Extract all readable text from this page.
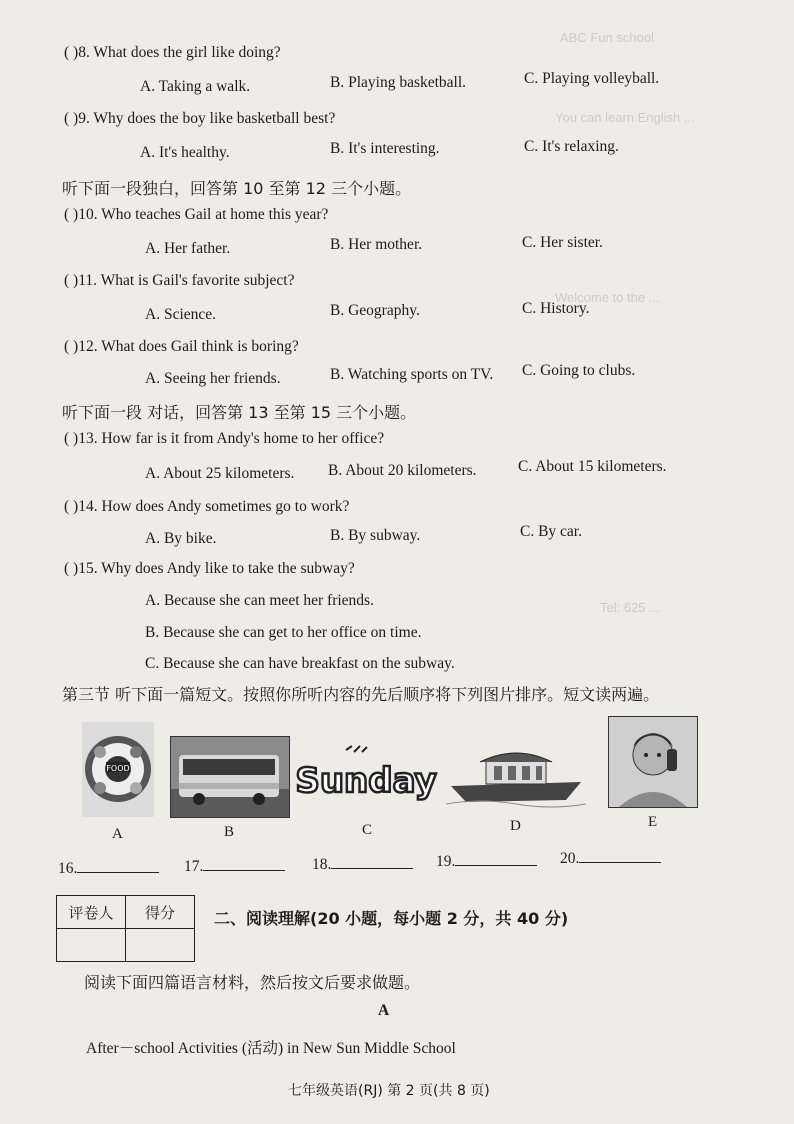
ABC Fun school
You can learn English ...
Welcome to the ...
Tel: 625 ...
( )8. What does the girl like doing?
A. Taking a walk.	B. Playing basketball.	C. Playing volleyball.
( )9. Why does the boy like basketball best?
A. It's healthy.	B. It's interesting.	C. It's relaxing.
听下面一段独白，回答第 10 至第 12 三个小题。
( )10. Who teaches Gail at home this year?
A. Her father.	B. Her mother.	C. Her sister.
( )11. What is Gail's favorite subject?
A. Science.	B. Geography.	C. History.
( )12. What does Gail think is boring?
A. Seeing her friends.	B. Watching sports on TV. C. Going to clubs.
听下面一段 对话，回答第 13 至第 15 三个小题。
( )13. How far is it from Andy's home to her office?
A. About 25 kilometers. B. About 20 kilometers.	C. About 15 kilometers.
( )14. How does Andy sometimes go to work?
A. By bike.	B. By subway.	C. By car.
( )15. Why does Andy like to take the subway?
A. Because she can meet her friends.
B. Because she can get to her office on time.
C. Because she can have breakfast on the subway.
第三节 听下面一篇短文。按照你所听内容的先后顺序将下列图片排序。短文读两遍。
FOOD
A	B
Sunday
C	D	E
16.	17.	18.	19.	20.
评卷人	得分
	二、阅读理解(20 小题，每小题 2 分，共 40 分)
阅读下面四篇语言材料，然后按文后要求做题。
A
After－school Activities (活动) in New Sun Middle School
七年级英语(RJ) 第 2 页(共 8 页)
